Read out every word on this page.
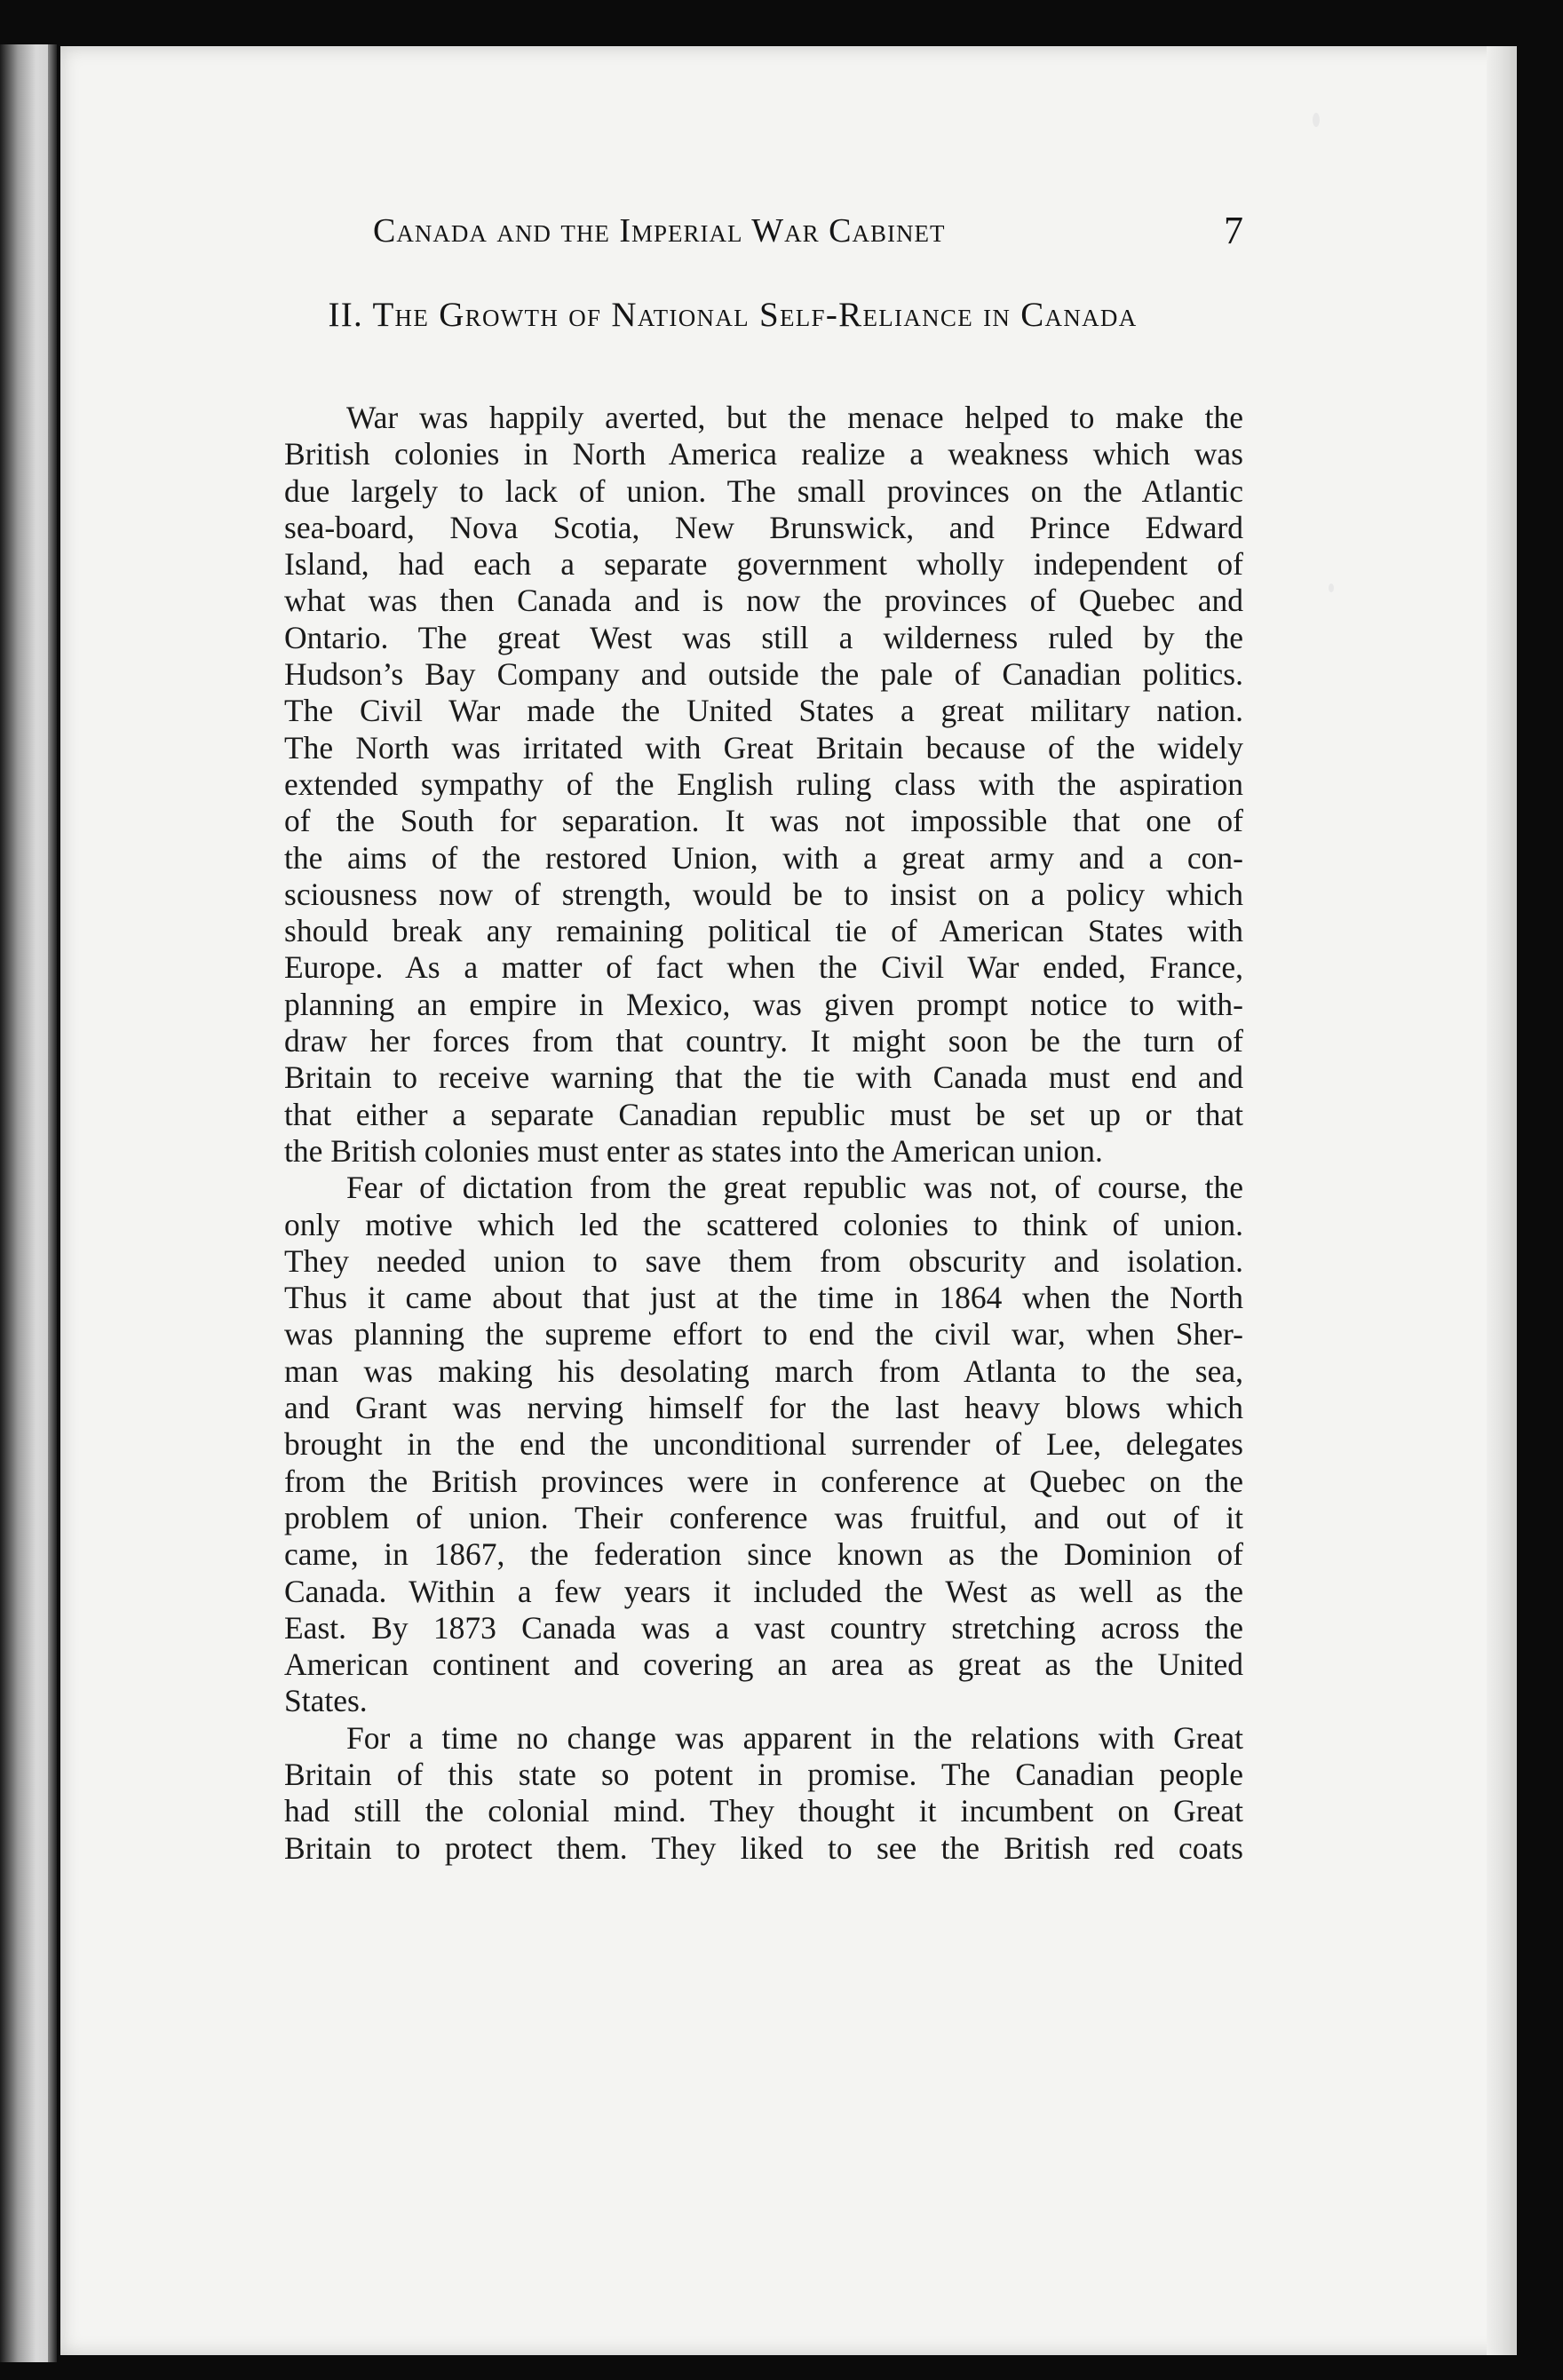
Canada and the Imperial War Cabinet	7
II. The Growth of National Self-Reliance in Canada
War was happily averted, but the menace helped to make the
British colonies in North America realize a weakness which was
due largely to lack of union. The small provinces on the Atlantic
sea-board, Nova Scotia, New Brunswick, and Prince Edward
Island, had each a separate government wholly independent of
what was then Canada and is now the provinces of Quebec and
Ontario. The great West was still a wilderness ruled by the
Hudson’s Bay Company and outside the pale of Canadian politics.
The Civil War made the United States a great military nation.
The North was irritated with Great Britain because of the widely
extended sympathy of the English ruling class with the aspiration
of the South for separation. It was not impossible that one of
the aims of the restored Union, with a great army and a con-
sciousness now of strength, would be to insist on a policy which
should break any remaining political tie of American States with
Europe. As a matter of fact when the Civil War ended, France,
planning an empire in Mexico, was given prompt notice to with-
draw her forces from that country. It might soon be the turn of
Britain to receive warning that the tie with Canada must end and
that either a separate Canadian republic must be set up or that
the British colonies must enter as states into the American union.
Fear of dictation from the great republic was not, of course, the
only motive which led the scattered colonies to think of union.
They needed union to save them from obscurity and isolation.
Thus it came about that just at the time in 1864 when the North
was planning the supreme effort to end the civil war, when Sher-
man was making his desolating march from Atlanta to the sea,
and Grant was nerving himself for the last heavy blows which
brought in the end the unconditional surrender of Lee, delegates
from the British provinces were in conference at Quebec on the
problem of union. Their conference was fruitful, and out of it
came, in 1867, the federation since known as the Dominion of
Canada. Within a few years it included the West as well as the
East. By 1873 Canada was a vast country stretching across the
American continent and covering an area as great as the United
States.
For a time no change was apparent in the relations with Great
Britain of this state so potent in promise. The Canadian people
had still the colonial mind. They thought it incumbent on Great
Britain to protect them. They liked to see the British red coats
